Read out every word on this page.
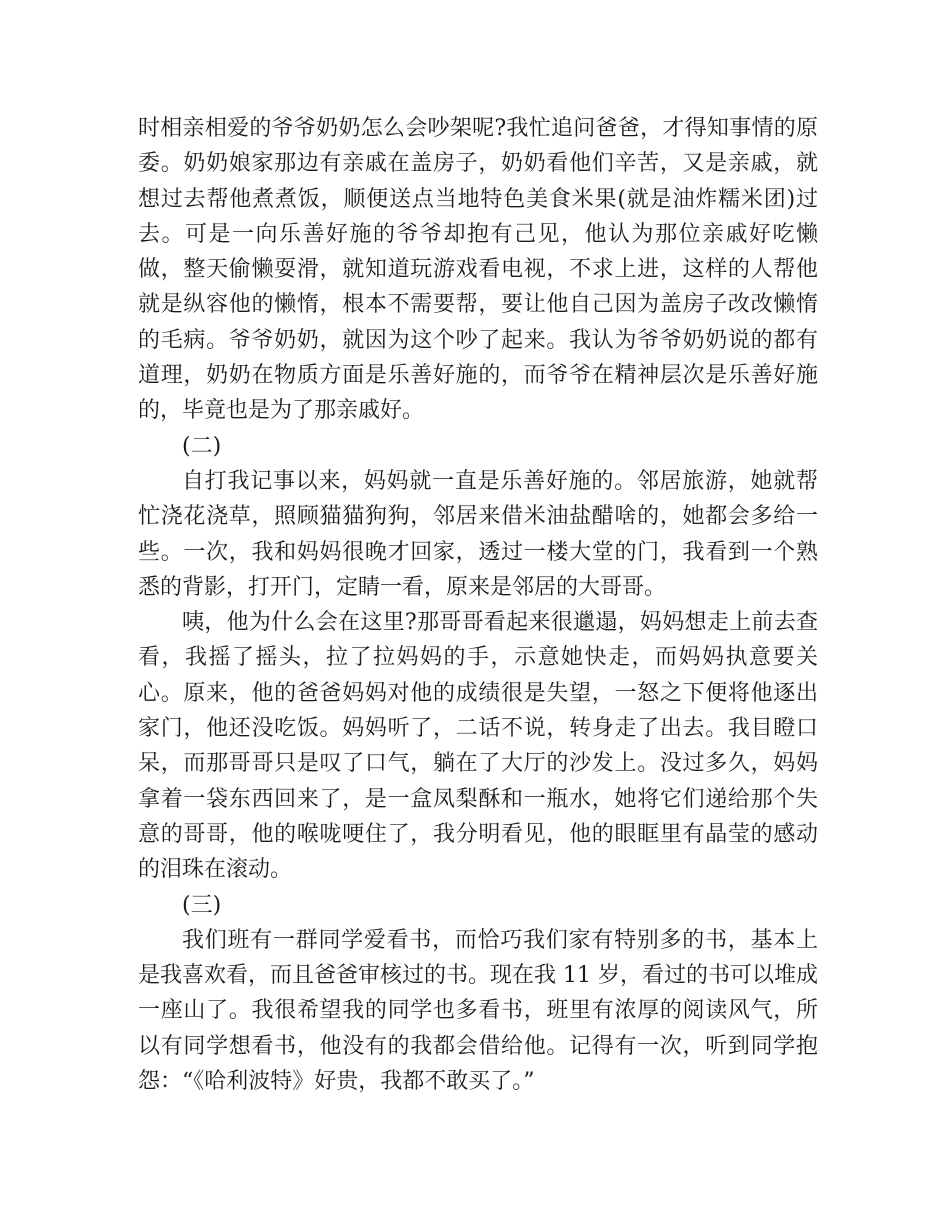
时相亲相爱的爷爷奶奶怎么会吵架呢?我忙追问爸爸，才得知事情的原委。奶奶娘家那边有亲戚在盖房子，奶奶看他们辛苦，又是亲戚，就想过去帮他煮煮饭，顺便送点当地特色美食米果(就是油炸糯米团)过去。可是一向乐善好施的爷爷却抱有己见，他认为那位亲戚好吃懒做，整天偷懒耍滑，就知道玩游戏看电视，不求上进，这样的人帮他就是纵容他的懒惰，根本不需要帮，要让他自己因为盖房子改改懒惰的毛病。爷爷奶奶，就因为这个吵了起来。我认为爷爷奶奶说的都有道理，奶奶在物质方面是乐善好施的，而爷爷在精神层次是乐善好施的，毕竟也是为了那亲戚好。

(二)

自打我记事以来，妈妈就一直是乐善好施的。邻居旅游，她就帮忙浇花浇草，照顾猫猫狗狗，邻居来借米油盐醋啥的，她都会多给一些。一次，我和妈妈很晚才回家，透过一楼大堂的门，我看到一个熟悉的背影，打开门，定睛一看，原来是邻居的大哥哥。

咦，他为什么会在这里?那哥哥看起来很邋遢，妈妈想走上前去查看，我摇了摇头，拉了拉妈妈的手，示意她快走，而妈妈执意要关心。原来，他的爸爸妈妈对他的成绩很是失望，一怒之下便将他逐出家门，他还没吃饭。妈妈听了，二话不说，转身走了出去。我目瞪口呆，而那哥哥只是叹了口气，躺在了大厅的沙发上。没过多久，妈妈拿着一袋东西回来了，是一盒凤梨酥和一瓶水，她将它们递给那个失意的哥哥，他的喉咙哽住了，我分明看见，他的眼眶里有晶莹的感动的泪珠在滚动。

(三)

我们班有一群同学爱看书，而恰巧我们家有特别多的书，基本上是我喜欢看，而且爸爸审核过的书。现在我 11 岁，看过的书可以堆成一座山了。我很希望我的同学也多看书，班里有浓厚的阅读风气，所以有同学想看书，他没有的我都会借给他。记得有一次，听到同学抱怨：“《哈利波特》好贵，我都不敢买了。”
